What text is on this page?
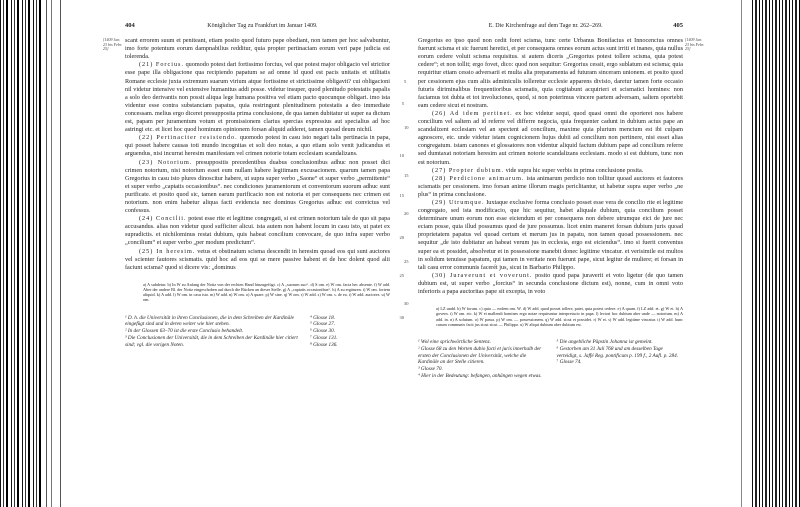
404	Königlicher Tag zu Frankfurt im Januar 1409.
[1409 Jan. 23 bis Febr. 25]

scant errorem suum et peniteant, etiam posito quod futuro pape obediant, non tamen per hoc salvabuntur, imo forte potentum eorum dampnabilius redditur, quia propter pertinaciam eorum veri pape judicia est tolerenda.

(21) Forcius. quomodo potest dari fortissimo forcius, vel que potest major obligacio vel strictior esse pape illa obligacione qua recipiendo papatum se ad omne id quod est pacis unitatis et utilitatis Romane ecclesie juxta extremum suarum virium atque fortissime et strictissime obligavit? cui obligacioni nil videtur intensive vel extensive humanitus addi posse. videtur insuper, quod plenitudo potestatis papalis a solo deo derivantis non possit aliqua lege humana positiva vel etiam pacto quocunque obligari. imo ista videntur esse contra substanciam papatus, quia restringunt plenitudinem potestatis a deo immediate concessam. melius ergo diceret presupposita prima conclusione, de qua tamen dubitatur ut super ea dictum est, papam per juramentum votum et promissionem clarius spercias expressius aut specialius ad hoc astringi etc. et licet hoc quod hominum opinionem forsan aliquid adderet, tamen quoad deum nichil.

(22) Pertinaciter resistendo. quomodo potest in casu isto negari talis pertinacia in papa, qui posset habere causas toti mundo incognitas et soli deo notas, a quo etiam solo venit judicandus et arguendus, nisi incurrat heresim manifestam vel crimen notorie totam ecclesiam scandalizans.

(23) Notorium. presuppositis precedentibus duabus conclusionibus adhuc non posset dici crimen notorium, nisi notorium esset eum nullam habere legitimam excusacionem. quarum tamen papa Gregorius in casu isto plures dinoscitur habere, ut supra super verbo „Saone“ et super verbo „permittente“ et super verbo „captatis occasionibus“. nec condiciones juramentorum et conventorum suorum adhuc sunt purificate. et posito quod sic, tamen earum purificacio non est notoria et per consequens nec crimen est notorium. non enim habetur aliqua facti evidencia nec dominus Gregorius adhuc est convictus vel confessus.

(24) Concilii. potest esse rite et legitime congregati, si est crimen notorium tale de quo sit papa accusandus. alias non videtur quod sufficiter alicui. ista autem non habent locum in casu isto, ut patet ex supradictis. et nichilominus restat dubium, quis habeat concilium convocare, de quo infra super verbo „concilium“ et super verbo „per modum predictum“.

(25) In heresim. vetus et obstinatum scisma descendit in heresim quoad eos qui sunt auctores vel scienter fautores scismatis. quid hoc ad eos qui se mere passive habent et de hoc dolent quod alii faciunt scisma? quod si dicere vis: „dominus

a) A subdetur. b) In W zu Anfang der Notiz von der rechten Hand hinzugefügt. c) A „suorum suo“. d) S om. e) W om. facta hec absente. f) W add. Aber der andere Bl. der Notiz eingeschoben auf durch die Rücken an dieser Stelle. g) A „captatis occasionibus“. h) A zu ergänzen. i) W om. fortem aliquid. k) A add. l) W om. in casu isto. m) W add. n) W om. o) A quare. p) W sine. q) W om. r) W add. s) W om. s. de ea. t) W add. auctores. u) W om.
¹ D. h. die Universität in ihren Conclusionen, die in dem Schreiben der Kardinäle eingefügt sind und in deren weiter wie hier stehen.
² In der Glossen 63–70 ist die erste Conclusio behandelt.
³ Die Conclusionen der Universität, die in dem Schreiben der Kardinäle hier citiert sind; vgl. die vorigen Noten.
⁴ Glosse 18.
⁵ Glosse 27.
⁶ Glosse 30.
⁷ Glosse 131.
⁸ Glosse 136.
5
10
15
20
25
30
E. Die Kirchenfrage auf dem Tage nr. 262–269.	405
[1409 Jan. 23 bis Febr. 25]

Gregorius eo ipso quod non cedit foret scisma, tunc certe Urbanus Bonifacius et Innocencius omnes fuerunt scisma et sic fuerunt heretici, et per consequens omnes eorum actus sunt irriti et inanes, quia nullus eorum cedere voluit scisma requisitus. si autem diceris „Gregorius potest tollere scisma, quia potest cedere“; et non tollit; ergo fovet, dico: quod non sequitur: Gregorius cessit, ergo sublatum est scisma; quia requiritur etiam cessio adversarii et multa alia preparamenta ad futuram sinceram unionem. et posito quod per cessionem ejus cum aliis adminiculis tolleretur ecclesie apparens divisio, daretur tamen forte occasio futuris diriminalibus frequentioribus scismatis, quia cogitabunt acquirieri et scismatici homines: non faciamus tot dubia et tot involuciones, quod, si non poterimus vincere partem adversam, saltem oportebit eam cedere sicut et nostram.

(26) Ad idem pertinet. ex hoc videtur sequi, quod quasi omni die oporteret nos habere concilium vel saltem ad id referre vel differre negocia, quia frequenter cadunt in dubium actus pape an scandalizent ecclesiam vel an spectent ad concilium, maxime quia plurium mencium est ibi culpam agnoscere, etc. unde videtur istam cognicionem hujus dubii ad concilium non pertinere, nisi esset alias congregatum. istam canones et glossatores non videntur aliquid factum dubium pape ad concilium referre sed dumtaxat notoriam heresim aut crimen notorie scandalizans ecclesiam. modo si est dubium, tunc non est notorium.

(27) Propter dubium. vide supra hic super verbis in prima conclusione posita.

(28) Perdicione animarum. ista animarum perdicio non tollitur quoad auctores et fautores scismatis per cessionem. imo forsan anime illorum magis periclitantur, ut habetur supra super verbo „ne plus“ in prima conclusione.

(29) Utrumque. Iuxtaque exclusive forma conclusio posset esse vera de concilio rite et legitime congregato, sed ista modificacio, que hic sequitur, habet aliquale dubium, quia concilium posset determinare unum eorum non esse eiciendum et per consequens non debere utrumque eici de jure nec eciam posse, quia illud possumus quod de jure possumus. licet enim maneret forsan dubium juris quoad proprietatem papatus vel quoad certum et merum jus in papatu, non tamen quoad possessionem. nec sequitur „de isto dubitatur an habeat verum jus in ecclesia, ergo est eiciendus“. imo si fuerit conventus super ea et possidet, absolvetur et in possessione manebit donec legitime vincatur. et verisimile est multos in solidum tenuisse papatum, qui tamen in veritate non fuerunt pape, sicut legitur de muliere; et forsan in tali casu error communis facerét jus, sicut in Barbario Philippo.

(30) Juraverunt et voverunt. posito quod papa juraverit et voto ligetur (de quo tamen dubium est, ut super verbo „forcius“ in secunda conclusione dictum est), nonne, cum in omni voto inferioris a papa auctoritas pape sit excepta, in voto

a) LZ undd. b) W forum. c) quia — eodem om. W. d) W add. quod posset tollere, patet, quia potest cedere. e) A quam. f) LZ add. et. g) W et. h) A govern. i) W om. etc. k) W et mallendi homines ergo notae requiruntur interpretacio in papa. l) lectori hoc dubium aber unde — notorium. m) A add. in. n) A solutum. o) W passa. p) W om. — possessionem. q) W add. sicut et possidet. r) W et. s) W add. legitime vincatur. t) W add. hunc casum communis facit jus sicut sicut — Philippo. u) W aliqui dubium aber dubium est.
¹ Wol eine sprichwörtliche Sentenz.
² Glosse 68 zu den Worten dubio facti et juris innerhalb der ersten der Conclusionen der Universität, welche die Kardinäle an der Stelle citieren.
³ Glosse 70.
⁴ Hier in der Bedeutung: befangen, anhängen wegen etwas.
⁵ Die angebliche Päpstin Johanna ist gemeint.
⁶ Gestorben am 31 Juli 768 und am desselben Tage verteidigt, s. Jaffé Reg. pontificum p. 199 f., 2 Aufl. p. 284.
⁷ Glosse 74.
5
10
15
20
25
30
